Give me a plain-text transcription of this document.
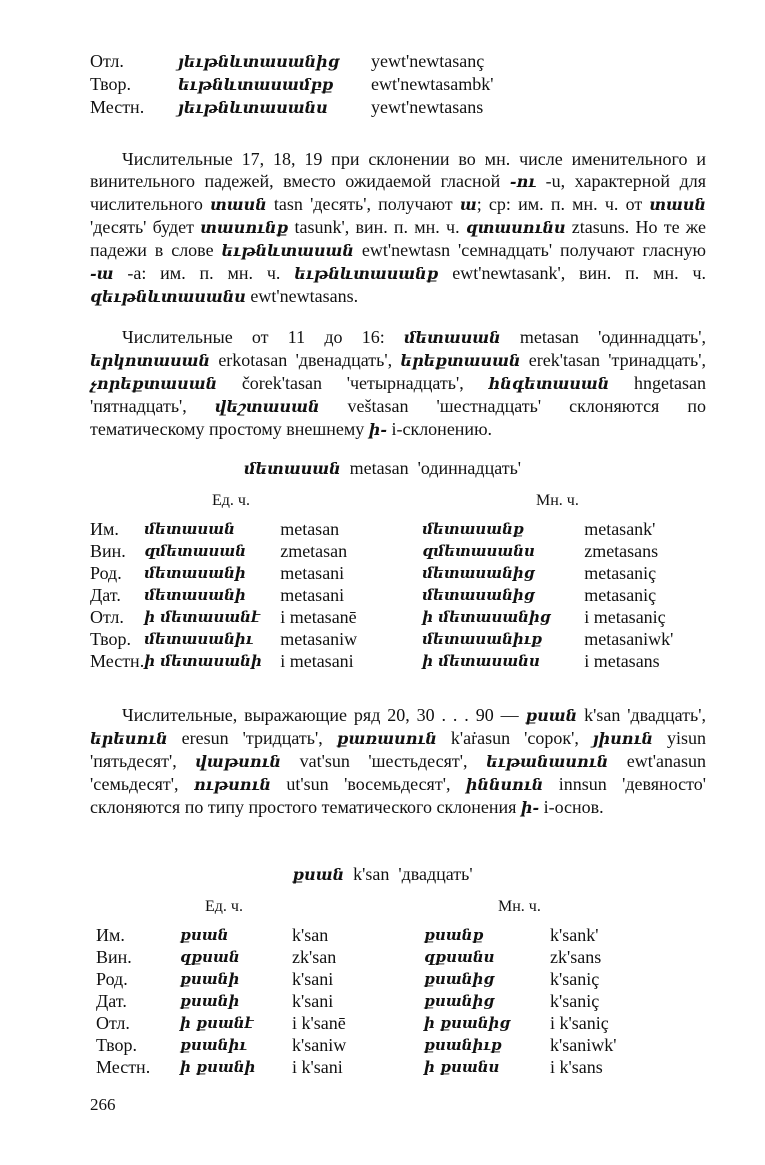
Отл.	յեւթնևտասանից	yewt'newtasanç
Твор.	եւթնևտասամբք	ewt'newtasambk'
Местн.	յեւթնևտասանս	yewt'newtasans

Числительные 17, 18, 19 при склонении во мн. числе именительного и винительного падежей, вместо ожидаемой гласной -ու -u, характерной для числительного տասն tasn 'десять', получают ա; ср: им. п. мн. ч. от տասն 'десять' будет տասունք tasunk', вин. п. мн. ч. զտասունս ztasuns. Но те же падежи в слове եւթնևտասան ewt'newtasn 'семнадцать' получают гласную -ա -a: им. п. мн. ч. եւթնևտասանք ewt'newtasank', вин. п. мн. ч. զեւթնևտասանս ewt'newtasans.

Числительные от 11 до 16: մետասան metasan 'одиннадцать', երկոտասան erkotasan 'двенадцать', երեքտասան erek'tasan 'тринадцать', չորեքտասան čorek'tasan 'четырнадцать', հնգետասան hngetasan 'пятнадцать', վեշտասան veštasan 'шестнадцать' склоняются по тематическому простому внешнему ի- i-склонению.

մետասան metasan 'одиннадцать'
Ед. ч.	Мн. ч.
Им.	մետասան	metasan	մետասանք	metasank'
Вин.	զմետասան	zmetasan	զմետասանս	zmetasans
Род.	մետասանի	metasani	մետասանից	metasaniç
Дат.	մետասանի	metasani	մետասանից	metasaniç
Отл.	ի մետասանէ	i metasanē	ի մետասանից	i metasaniç
Твор.	մետասանիւ	metasaniw	մետասանիւք	metasaniwk'
Местн.	ի մետասանի	i metasani	ի մետասանս	i metasans

Числительные, выражающие ряд 20, 30 . . . 90 — քսան k'san 'двадцать', երեսուն eresun 'тридцать', քառասուն k'aṙasun 'сорок', յիսուն yisun 'пятьдесят', վաթսուն vat'sun 'шестьдесят', եւթանասուն ewt'anasun 'семьдесят', ութսուն ut'sun 'восемьдесят', իննսուն innsun 'девяносто' склоняются по типу простого тематического склонения ի- i-основ.

քսան k'san 'двадцать'
Ед. ч.	Мн. ч.
Им.	քսան	k'san	քսանք	k'sank'
Вин.	զքսան	zk'san	զքսանս	zk'sans
Род.	քսանի	k'sani	քսանից	k'saniç
Дат.	քսանի	k'sani	քսանից	k'saniç
Отл.	ի քսանէ	i k'sanē	ի քսանից	i k'saniç
Твор.	քսանիւ	k'saniw	քսանիւք	k'saniwk'
Местн.	ի քսանի	i k'sani	ի քսանս	i k'sans
266
